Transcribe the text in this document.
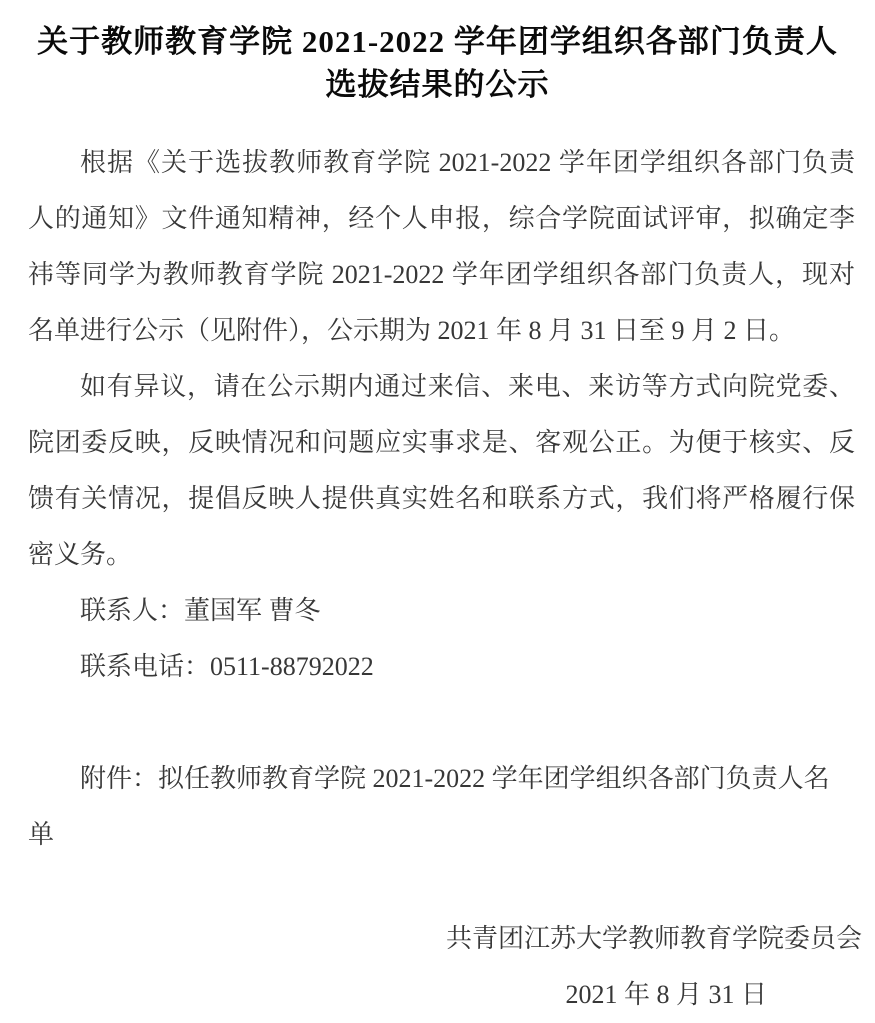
关于教师教育学院 2021-2022 学年团学组织各部门负责人
选拔结果的公示

根据《关于选拔教师教育学院 2021-2022 学年团学组织各部门负责人的通知》文件通知精神，经个人申报，综合学院面试评审，拟确定李祎等同学为教师教育学院 2021-2022 学年团学组织各部门负责人，现对名单进行公示（见附件），公示期为 2021 年 8 月 31 日至 9 月 2 日。

如有异议，请在公示期内通过来信、来电、来访等方式向院党委、院团委反映，反映情况和问题应实事求是、客观公正。为便于核实、反馈有关情况，提倡反映人提供真实姓名和联系方式，我们将严格履行保密义务。

联系人：董国军 曹冬

联系电话：0511-88792022

附件：拟任教师教育学院 2021-2022 学年团学组织各部门负责人名单

共青团江苏大学教师教育学院委员会

2021 年 8 月 31 日
